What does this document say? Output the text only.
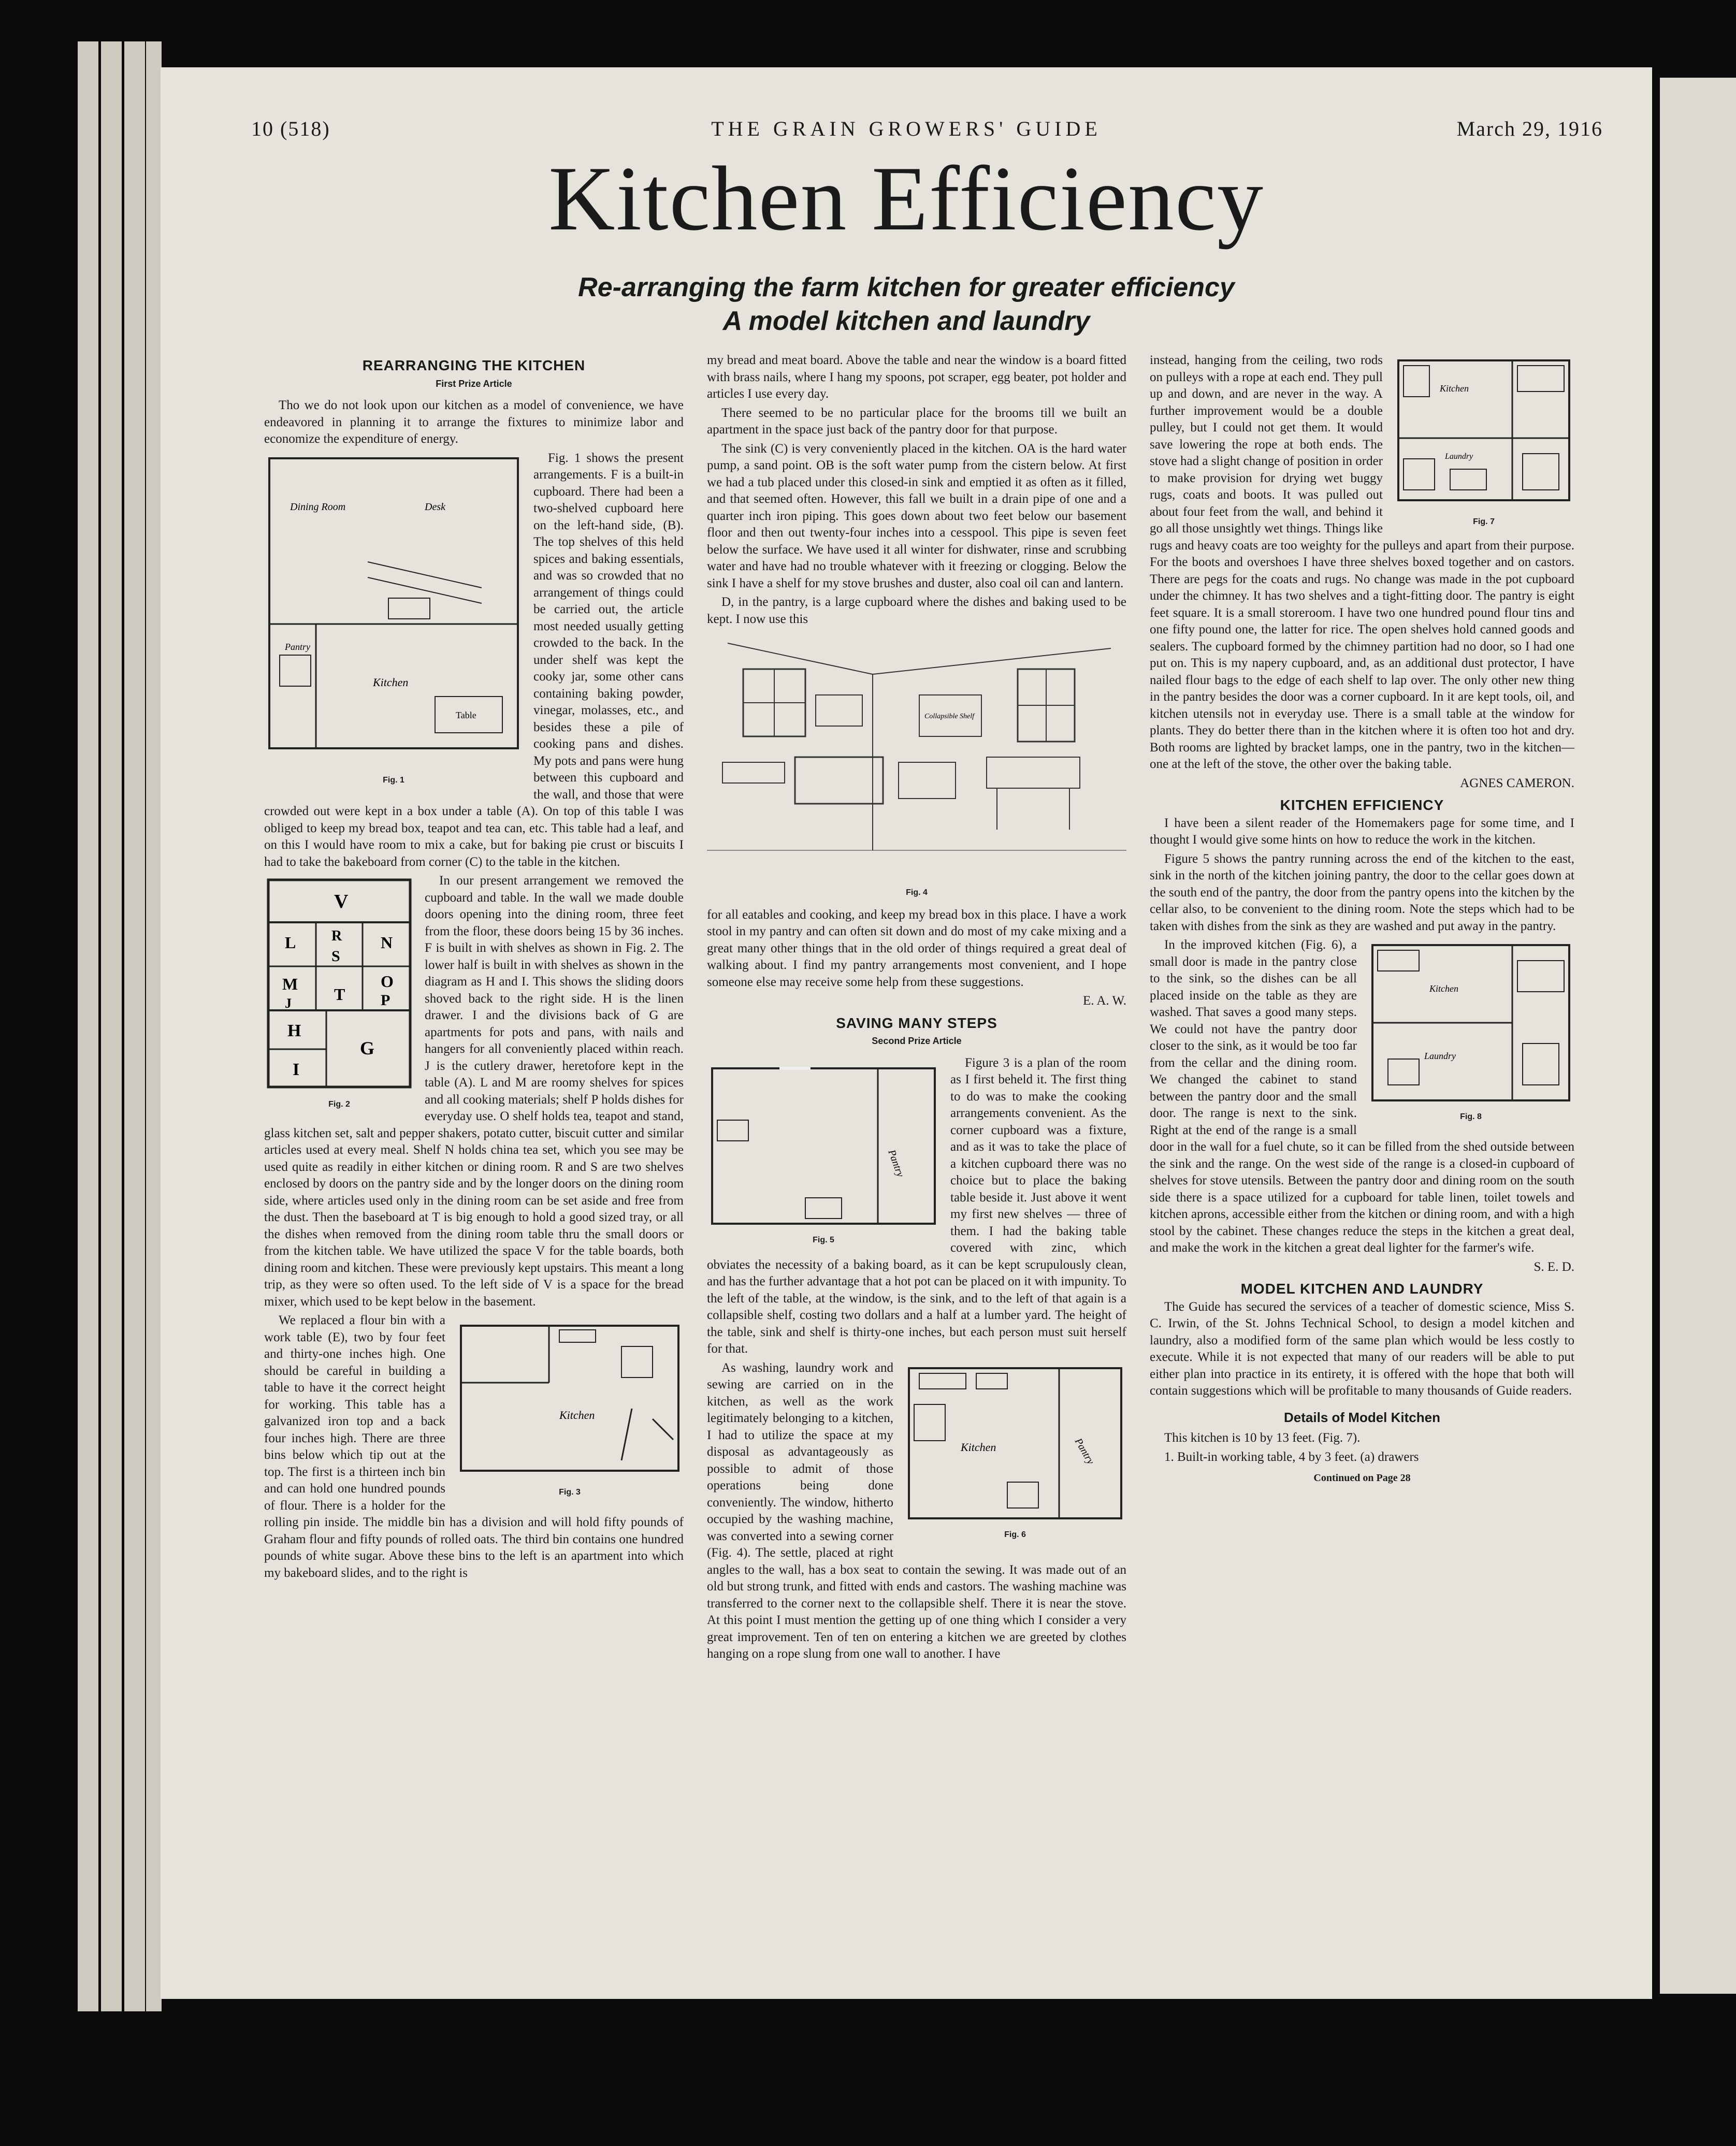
10 (518)	THE GRAIN GROWERS' GUIDE	March 29, 1916
Kitchen Efficiency
Re-arranging the farm kitchen for greater efficiency
A model kitchen and laundry
REARRANGING THE KITCHEN
First Prize Article

Tho we do not look upon our kitchen as a model of convenience, we have endeavored in planning it to arrange the fixtures to minimize labor and economize the expenditure of energy.

Dining Room	Desk
Kitchen
Pantry
Table
Fig. 1

Fig. 1 shows the present arrangements. F is a built-in cupboard. There had been a two-shelved cupboard here on the left-hand side, (B). The top shelves of this held spices and baking essentials, and was so crowded that no arrangement of things could be carried out, the article most needed usually getting crowded to the back. In the under shelf was kept the cooky jar, some other cans containing baking powder, vinegar, molasses, etc., and besides these a pile of cooking pans and dishes. My pots and pans were hung between this cupboard and the wall, and those that were crowded out were kept in a box under a table (A). On top of this table I was obliged to keep my bread box, teapot and tea can, etc. This table had a leaf, and on this I would have room to mix a cake, but for baking pie crust or biscuits I had to take the bakeboard from corner (C) to the table in the kitchen.

V
L R N
S
M	O
J	T P
H
G
I
Fig. 2

In our present arrangement we removed the cupboard and table. In the wall we made double doors opening into the dining room, three feet from the floor, these doors being 15 by 36 inches. F is built in with shelves as shown in Fig. 2. The lower half is built in with shelves as shown in the diagram as H and I. This shows the sliding doors shoved back to the right side. H is the linen drawer. I and the divisions back of G are apartments for pots and pans, with nails and hangers for all conveniently placed within reach. J is the cutlery drawer, heretofore kept in the table (A). L and M are roomy shelves for spices and all cooking materials; shelf P holds dishes for everyday use. O shelf holds tea, teapot and stand, glass kitchen set, salt and pepper shakers, potato cutter, biscuit cutter and similar articles used at every meal. Shelf N holds china tea set, which you see may be used quite as readily in either kitchen or dining room. R and S are two shelves enclosed by doors on the pantry side and by the longer doors on the dining room side, where articles used only in the dining room can be set aside and free from the dust. Then the baseboard at T is big enough to hold a good sized tray, or all the dishes when removed from the dining room table thru the small doors or from the kitchen table. We have utilized the space V for the table boards, both dining room and kitchen. These were previously kept upstairs. This meant a long trip, as they were so often used. To the left side of V is a space for the bread mixer, which used to be kept below in the basement.

Kitchen
Fig. 3

We replaced a flour bin with a work table (E), two by four feet and thirty-one inches high. One should be careful in building a table to have it the correct height for working. This table has a galvanized iron top and a back four inches high. There are three bins below which tip out at the top. The first is a thirteen inch bin and can hold one hundred pounds of flour. There is a holder for the rolling pin inside. The middle bin has a division and will hold fifty pounds of Graham flour and fifty pounds of rolled oats. The third bin contains one hundred pounds of white sugar. Above these bins to the left is an apartment into which my bakeboard slides, and to the right is

my bread and meat board. Above the table and near the window is a board fitted with brass nails, where I hang my spoons, pot scraper, egg beater, pot holder and articles I use every day.

There seemed to be no particular place for the brooms till we built an apartment in the space just back of the pantry door for that purpose.

The sink (C) is very conveniently placed in the kitchen. OA is the hard water pump, a sand point. OB is the soft water pump from the cistern below. At first we had a tub placed under this closed-in sink and emptied it as often as it filled, and that seemed often. However, this fall we built in a drain pipe of one and a quarter inch iron piping. This goes down about two feet below our basement floor and then out twenty-four inches into a cesspool. This pipe is seven feet below the surface. We have used it all winter for dishwater, rinse and scrubbing water and have had no trouble whatever with it freezing or clogging. Below the sink I have a shelf for my stove brushes and duster, also coal oil can and lantern.

D, in the pantry, is a large cupboard where the dishes and baking used to be kept. I now use this

Collapsible Shelf
Fig. 4

for all eatables and cooking, and keep my bread box in this place. I have a work stool in my pantry and can often sit down and do most of my cake mixing and a great many other things that in the old order of things required a great deal of walking about. I find my pantry arrangements most convenient, and I hope someone else may receive some help from these suggestions.

E. A. W.
SAVING MANY STEPS
Second Prize Article
Pantry
Fig. 5

Figure 3 is a plan of the room as I first beheld it. The first thing to do was to make the cooking arrangements convenient. As the corner cupboard was a fixture, and as it was to take the place of a kitchen cupboard there was no choice but to place the baking table beside it. Just above it went my first new shelves — three of them. I had the baking table covered with zinc, which obviates the necessity of a baking board, as it can be kept scrupulously clean, and has the further advantage that a hot pot can be placed on it with impunity. To the left of the table, at the window, is the sink, and to the left of that again is a collapsible shelf, costing two dollars and a half at a lumber yard. The height of the table, sink and shelf is thirty-one inches, but each person must suit herself for that.

Kitchen	Pantry
Fig. 6

As washing, laundry work and sewing are carried on in the kitchen, as well as the work legitimately belonging to a kitchen, I had to utilize the space at my disposal as advantageously as possible to admit of those operations being done conveniently. The window, hitherto occupied by the washing machine, was converted into a sewing corner (Fig. 4). The settle, placed at right angles to the wall, has a box seat to contain the sewing. It was made out of an old but strong trunk, and fitted with ends and castors. The washing machine was transferred to the corner next to the collapsible shelf. There it is near the stove. At this point I must mention the getting up of one thing which I consider a very great improvement. Ten of ten on entering a kitchen we are greeted by clothes hanging on a rope slung from one wall to another. I have

Kitchen
Laundry
Fig. 7

instead, hanging from the ceiling, two rods on pulleys with a rope at each end. They pull up and down, and are never in the way. A further improvement would be a double pulley, but I could not get them. It would save lowering the rope at both ends. The stove had a slight change of position in order to make provision for drying wet buggy rugs, coats and boots. It was pulled out about four feet from the wall, and behind it go all those unsightly wet things. Things like rugs and heavy coats are too weighty for the pulleys and apart from their purpose. For the boots and overshoes I have three shelves boxed together and on castors. There are pegs for the coats and rugs. No change was made in the pot cupboard under the chimney. It has two shelves and a tight-fitting door. The pantry is eight feet square. It is a small storeroom. I have two one hundred pound flour tins and one fifty pound one, the latter for rice. The open shelves hold canned goods and sealers. The cupboard formed by the chimney partition had no door, so I had one put on. This is my napery cupboard, and, as an additional dust protector, I have nailed flour bags to the edge of each shelf to lap over. The only other new thing in the pantry besides the door was a corner cupboard. In it are kept tools, oil, and kitchen utensils not in everyday use. There is a small table at the window for plants. They do better there than in the kitchen where it is often too hot and dry. Both rooms are lighted by bracket lamps, one in the pantry, two in the kitchen—one at the left of the stove, the other over the baking table.

AGNES CAMERON.
KITCHEN EFFICIENCY

I have been a silent reader of the Homemakers page for some time, and I thought I would give some hints on how to reduce the work in the kitchen.

Figure 5 shows the pantry running across the end of the kitchen to the east, sink in the north of the kitchen joining pantry, the door to the cellar goes down at the south end of the pantry, the door from the pantry opens into the kitchen by the cellar also, to be convenient to the dining room. Note the steps which had to be taken with dishes from the sink as they are washed and put away in the pantry.

Kitchen
Laundry
Fig. 8

In the improved kitchen (Fig. 6), a small door is made in the pantry close to the sink, so the dishes can be all placed inside on the table as they are washed. That saves a good many steps. We could not have the pantry door closer to the sink, as it would be too far from the cellar and the dining room. We changed the cabinet to stand between the pantry door and the small door. The range is next to the sink. Right at the end of the range is a small door in the wall for a fuel chute, so it can be filled from the shed outside between the sink and the range. On the west side of the range is a closed-in cupboard of shelves for stove utensils. Between the pantry door and dining room on the south side there is a space utilized for a cupboard for table linen, toilet towels and kitchen aprons, accessible either from the kitchen or dining room, and with a high stool by the cabinet. These changes reduce the steps in the kitchen a great deal, and make the work in the kitchen a great deal lighter for the farmer's wife.

S. E. D.
MODEL KITCHEN AND LAUNDRY

The Guide has secured the services of a teacher of domestic science, Miss S. C. Irwin, of the St. Johns Technical School, to design a model kitchen and laundry, also a modified form of the same plan which would be less costly to execute. While it is not expected that many of our readers will be able to put either plan into practice in its entirety, it is offered with the hope that both will contain suggestions which will be profitable to many thousands of Guide readers.

Details of Model Kitchen

This kitchen is 10 by 13 feet. (Fig. 7).

1. Built-in working table, 4 by 3 feet. (a) drawers

Continued on Page 28
